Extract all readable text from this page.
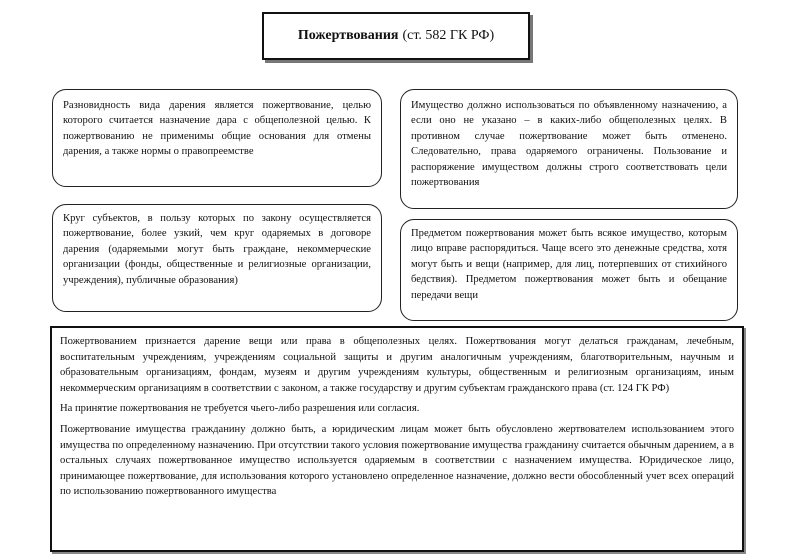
Пожертвования (ст. 582 ГК РФ)

Разновидность вида дарения является пожертвование, целью которого считается назначение дара с общеполезной целью. К пожертвованию не применимы общие основания для отмены дарения, а также нормы о правопреемстве

Имущество должно использоваться по объявленному назначению, а если оно не указано – в каких-либо общеполезных целях. В противном случае пожертвование может быть отменено. Следовательно, права одаряемого ограничены. Пользование и распоряжение имуществом должны строго соответствовать цели пожертвования

Круг субъектов, в пользу которых по закону осуществляется пожертвование, более узкий, чем круг одаряемых в договоре дарения (одаряемыми могут быть граждане, некоммерческие организации (фонды, общественные и религиозные организации, учреждения), публичные образования)

Предметом пожертвования может быть всякое имущество, которым лицо вправе распорядиться. Чаще всего это денежные средства, хотя могут быть и вещи (например, для лиц, потерпевших от стихийного бедствия). Предметом пожертвования может быть и обещание передачи вещи

Пожертвованием признается дарение вещи или права в общеполезных целях. Пожертвования могут делаться гражданам, лечебным, воспитательным учреждениям, учреждениям социальной защиты и другим аналогичным учреждениям, благотворительным, научным и образовательным организациям, фондам, музеям и другим учреждениям культуры, общественным и религиозным организациям, иным некоммерческим организациям в соответствии с законом, а также государству и другим субъектам гражданского права (ст. 124 ГК РФ)

На принятие пожертвования не требуется чьего-либо разрешения или согласия.

Пожертвование имущества гражданину должно быть, а юридическим лицам может быть обусловлено жертвователем использованием этого имущества по определенному назначению. При отсутствии такого условия пожертвование имущества гражданину считается обычным дарением, а в остальных случаях пожертвованное имущество используется одаряемым в соответствии с назначением имущества. Юридическое лицо, принимающее пожертвование, для использования которого установлено определенное назначение, должно вести обособленный учет всех операций по использованию пожертвованного имущества
